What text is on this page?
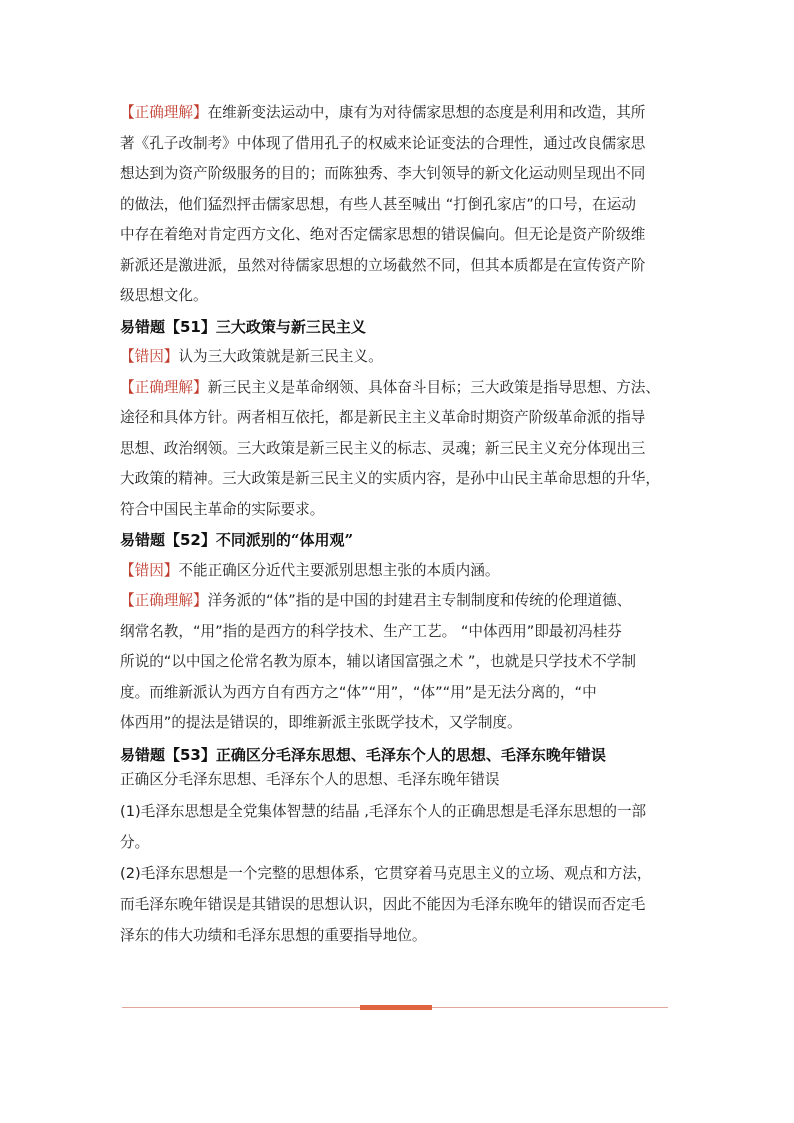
【正确理解】在维新变法运动中，康有为对待儒家思想的态度是利用和改造，其所
著《孔子改制考》中体现了借用孔子的权威来论证变法的合理性，通过改良儒家思
想达到为资产阶级服务的目的；而陈独秀、李大钊领导的新文化运动则呈现出不同
的做法，他们猛烈抨击儒家思想，有些人甚至喊出 “打倒孔家店”的口号，在运动
中存在着绝对肯定西方文化、绝对否定儒家思想的错误偏向。但无论是资产阶级维
新派还是激进派，虽然对待儒家思想的立场截然不同，但其本质都是在宣传资产阶
级思想文化。

易错题【51】三大政策与新三民主义

【错因】认为三大政策就是新三民主义。

【正确理解】新三民主义是革命纲领、具体奋斗目标；三大政策是指导思想、方法、
途径和具体方针。两者相互依托，都是新民主主义革命时期资产阶级革命派的指导
思想、政治纲领。三大政策是新三民主义的标志、灵魂；新三民主义充分体现出三
大政策的精神。三大政策是新三民主义的实质内容，是孙中山民主革命思想的升华，
符合中国民主革命的实际要求。

易错题【52】不同派别的“体用观”

【错因】不能正确区分近代主要派别思想主张的本质内涵。

【正确理解】洋务派的“体”指的是中国的封建君主专制制度和传统的伦理道德、
纲常名教，“用”指的是西方的科学技术、生产工艺。 “中体西用”即最初冯桂芬
所说的“以中国之伦常名教为原本，辅以诸国富强之术 ”，也就是只学技术不学制
度。而维新派认为西方自有西方之“体”“用”，“体”“用”是无法分离的，“中
体西用”的提法是错误的，即维新派主张既学技术，又学制度。

易错题【53】正确区分毛泽东思想、毛泽东个人的思想、毛泽东晚年错误

正确区分毛泽东思想、毛泽东个人的思想、毛泽东晚年错误

(1)毛泽东思想是全党集体智慧的结晶 ,毛泽东个人的正确思想是毛泽东思想的一部
分。
(2)毛泽东思想是一个完整的思想体系，它贯穿着马克思主义的立场、观点和方法，
而毛泽东晚年错误是其错误的思想认识，因此不能因为毛泽东晚年的错误而否定毛
泽东的伟大功绩和毛泽东思想的重要指导地位。
